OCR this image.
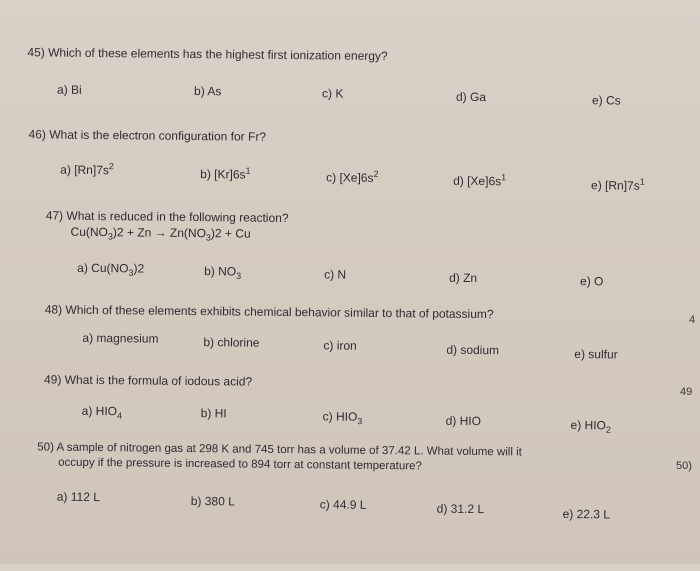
45) Which of these elements has the highest first ionization energy?
a) Bi	b) As	c) K	d) Ga	e) Cs
46) What is the electron configuration for Fr?
a) $[Rn]7s^2$
b) $[Kr]6s^1$	c) $[Xe]6s^2$	d) $[Xe]6s^1$
e) $[Rn]7s^1$
47) What is reduced in the following reaction?
$Cu(NO_3)2 + Zn \to Zn(NO_3)2 + Cu$
a) $Cu(NO_3)2$	b) $NO_3$	c) N	d) Zn	e) O
48) Which of these elements exhibits chemical behavior similar to that of potassium?
a) magnesium	b) chlorine	c) iron	d) sodium	e) sulfur
49) What is the formula of iodous acid?
a) $HIO_4$	b) HI	c) $HIO_3$	d) HIO	e) $HIO_2$
50) A sample of nitrogen gas at 298 K and 745 torr has a volume of 37.42 L. What volume will it
occupy if the pressure is increased to 894 torr at constant temperature?
a) 112 L	b) 380 L	c) 44.9 L	d) 31.2 L	e) 22.3 L
4
49
50)
